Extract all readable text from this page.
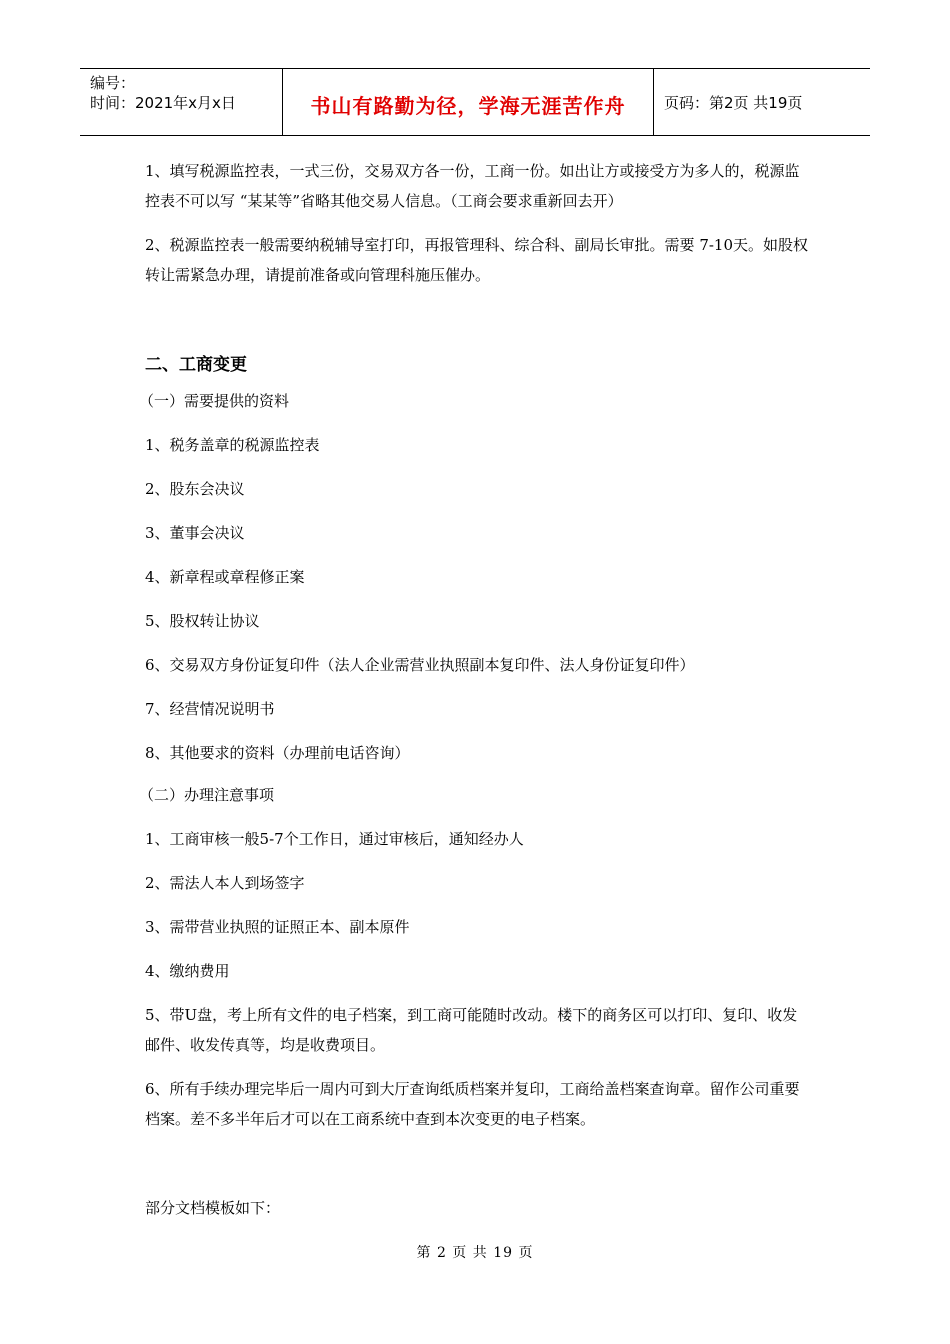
编号：
时间：2021年x月x日	书山有路勤为径，学海无涯苦作舟	页码：第2页 共19页

1、填写税源监控表，一式三份，交易双方各一份，工商一份。如出让方或接受方为多人的，税源监控表不可以写 “某某等”省略其他交易人信息。（工商会要求重新回去开）

2、税源监控表一般需要纳税辅导室打印，再报管理科、综合科、副局长审批。需要 7-10天。如股权转让需紧急办理，请提前准备或向管理科施压催办。

二、工商变更
（一）需要提供的资料

1、税务盖章的税源监控表

2、股东会决议

3、董事会决议

4、新章程或章程修正案

5、股权转让协议

6、交易双方身份证复印件（法人企业需营业执照副本复印件、法人身份证复印件）

7、经营情况说明书

8、其他要求的资料（办理前电话咨询）

（二）办理注意事项

1、工商审核一般5-7个工作日，通过审核后，通知经办人

2、需法人本人到场签字

3、需带营业执照的证照正本、副本原件

4、缴纳费用

5、带U盘，考上所有文件的电子档案，到工商可能随时改动。楼下的商务区可以打印、复印、收发邮件、收发传真等，均是收费项目。

6、所有手续办理完毕后一周内可到大厅查询纸质档案并复印，工商给盖档案查询章。留作公司重要档案。差不多半年后才可以在工商系统中查到本次变更的电子档案。

部分文档模板如下：
第 2 页 共 19 页
